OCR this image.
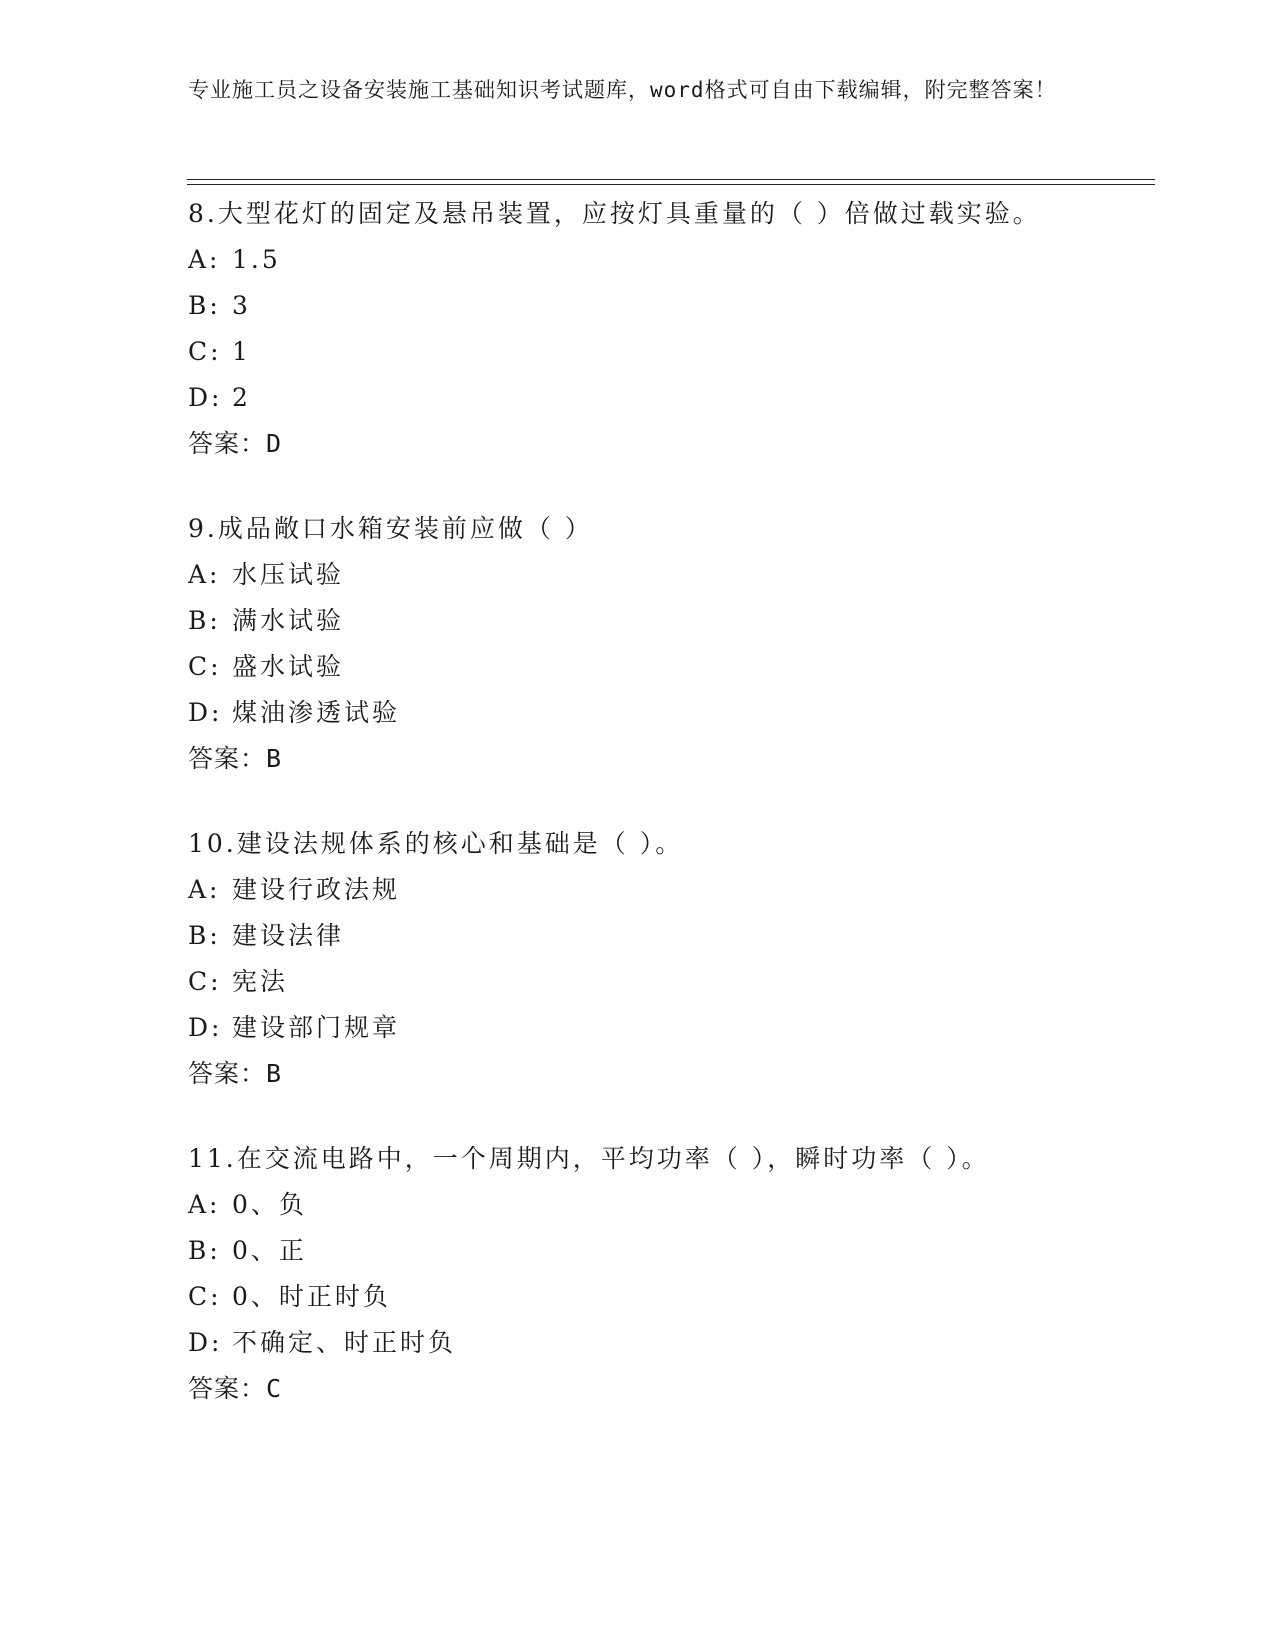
专业施工员之设备安装施工基础知识考试题库，word格式可自由下载编辑，附完整答案！
8.大型花灯的固定及悬吊装置，应按灯具重量的（ ）倍做过载实验。
A: 1.5
B: 3
C: 1
D: 2
答案：D
9.成品敞口水箱安装前应做（ ）
A: 水压试验
B: 满水试验
C: 盛水试验
D: 煤油渗透试验
答案：B
10.建设法规体系的核心和基础是（ ）。
A: 建设行政法规
B: 建设法律
C: 宪法
D: 建设部门规章
答案：B
11.在交流电路中，一个周期内，平均功率（ ），瞬时功率（ ）。
A: 0、负
B: 0、正
C: 0、时正时负
D: 不确定、时正时负
答案：C
